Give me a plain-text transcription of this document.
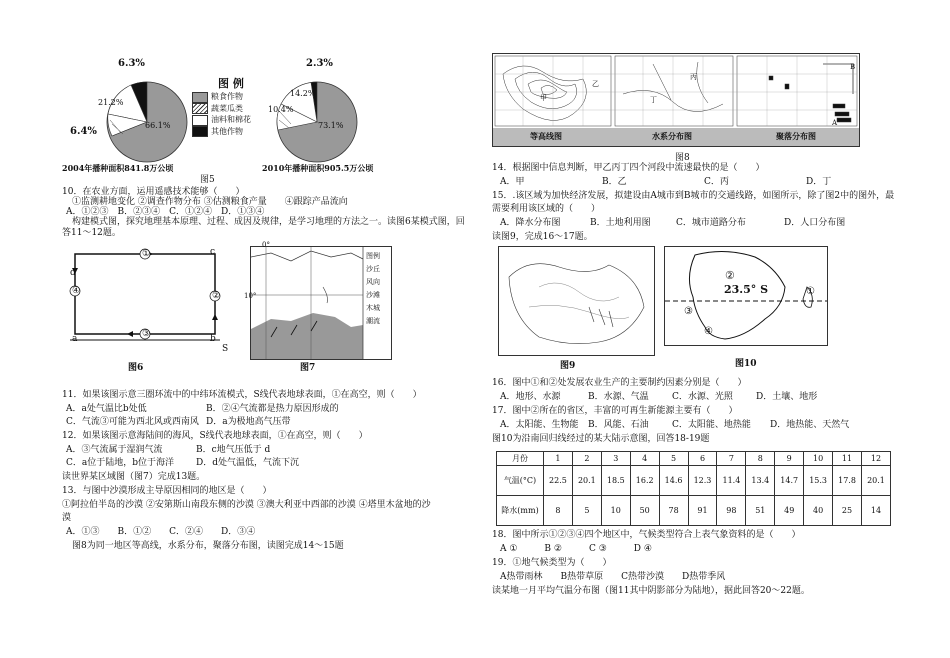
6.3%
21.2%
6.4%
66.1%
2004年播种面积841.8万公顷
图 例
粮食作物
蔬菜瓜类
油料和棉花
其他作物
2.3%
14.2%
10.4%
73.1%
2010年播种面积905.5万公顷
图5
10．在农业方面，运用遥感技术能够（　　）
①监测耕地变化 ②调查作物分布 ③估测粮食产量　　④跟踪产品流向
A．①②③　B．②③④　C．①②④　D．①③④
构建模式图，探究地理基本原理、过程、成因及规律，是学习地理的方法之一。读图6某模式图，回
答11～12题。
d
c
①
②
③
④
a	b
S
图6
0°
10°
图例
沙丘
风向
沙滩
木城
潮流
图7
11．如果该图示意三圈环流中的中纬环流模式，S线代表地球表面，①在高空，则（　　）
A．a处气温比b处低	B．②④气流都是热力原因形成的
C．气流③可能为西北风或西南风 D．a为极地高气压带
12．如果该图示意海陆间的海风，S线代表地球表面，①在高空，则（　　）
A．③气流属于湿润气流	B．c地气压低于 d
C．a位于陆地，b位于海洋 D．d处气温低，气流下沉
读世界某区域图（图7）完成13题。
13．与图中沙漠形成主导原因相同的地区是（　　）
①阿拉伯半岛的沙漠 ②安第斯山南段东侧的沙漠 ③澳大利亚中西部的沙漠 ④塔里木盆地的沙
漠
A．①③　　B．①②　　C．②④　　D．③④
图8为同一地区等高线，水系分布，聚落分布图，读图完成14～15题
甲
乙
丙
丁
A
B
等高线图	水系分布图	聚落分布图
图8
14．根据图中信息判断，甲乙丙丁四个河段中流速最快的是（　　）
A．甲	B．乙	C．丙	D．丁
15．.该区域为加快经济发展，拟建设由A城市到B城市的交通线路，如图所示，除了图2中的图外，最
需要利用该区域的（　　）
A．降水分布图	B．土地利用图	C．城市道路分布	D．人口分布图
读图9，完成16～17题。
图9
②
23.5° S	①
③
④
图10
16．图中①和②处发展农业生产的主要制约因素分别是（　　）
A．地形、水源	B．水源、气温	C．水源、光照	D．土壤、地形
17．图中②所在的省区，丰富的可再生新能源主要有（　　）
A．太阳能、生物能 B．风能、石油	C．太阳能、地热能 D．地热能、天然气
图10为沿南回归线经过的某大陆示意图，回答18-19题
月份	1	2	3	4	5	6	7	8	9	10	11	12
气温(°C)	22.5	20.1	18.5	16.2	14.6	12.3	11.4	13.4	14.7	15.3	17.8	20.1
降水(mm)	8	5	10	50	78	91	98	51	49	40	25	14
18．图中所示①②③④四个地区中，气候类型符合上表气象资料的是（　　）
A ①　　　B ②　　　C ③　　　D ④
19．①地气候类型为（　　）
A热带雨林　　B热带草原　　C热带沙漠　　D热带季风
读某地一月平均气温分布图（图11其中阴影部分为陆地），据此回答20～22题。
